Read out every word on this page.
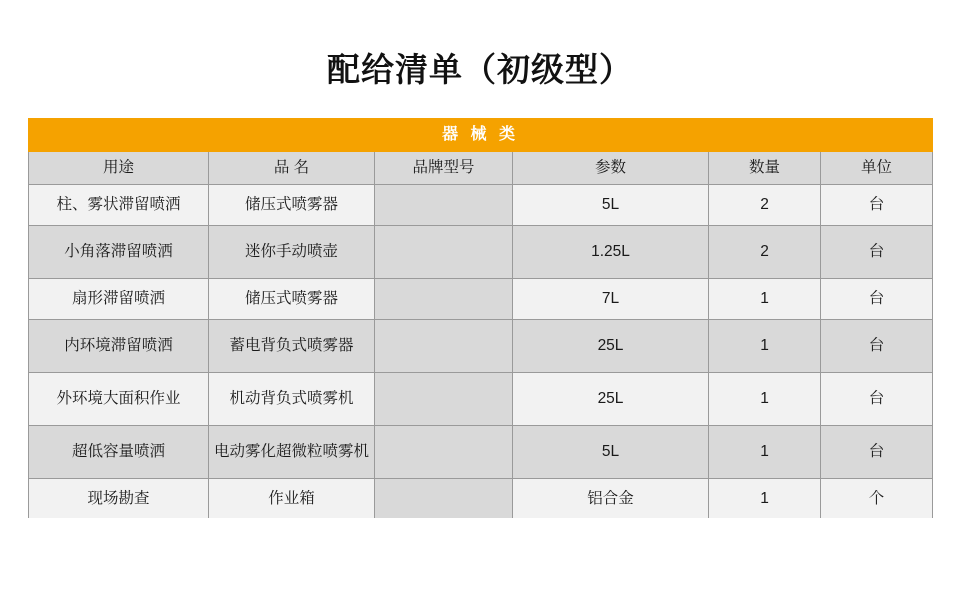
配给清单（初级型）
器 械 类					
用途	品 名	品牌型号	参数	数量	单位
柱、雾状滞留喷洒	储压式喷雾器		5L	2	台
小角落滞留喷洒	迷你手动喷壶		1.25L	2	台
扇形滞留喷洒	储压式喷雾器		7L	1	台
内环境滞留喷洒	蓄电背负式喷雾器		25L	1	台
外环境大面积作业	机动背负式喷雾机		25L	1	台
超低容量喷洒	电动雾化超微粒喷雾机		5L	1	台
现场勘查	作业箱		铝合金	1	个
